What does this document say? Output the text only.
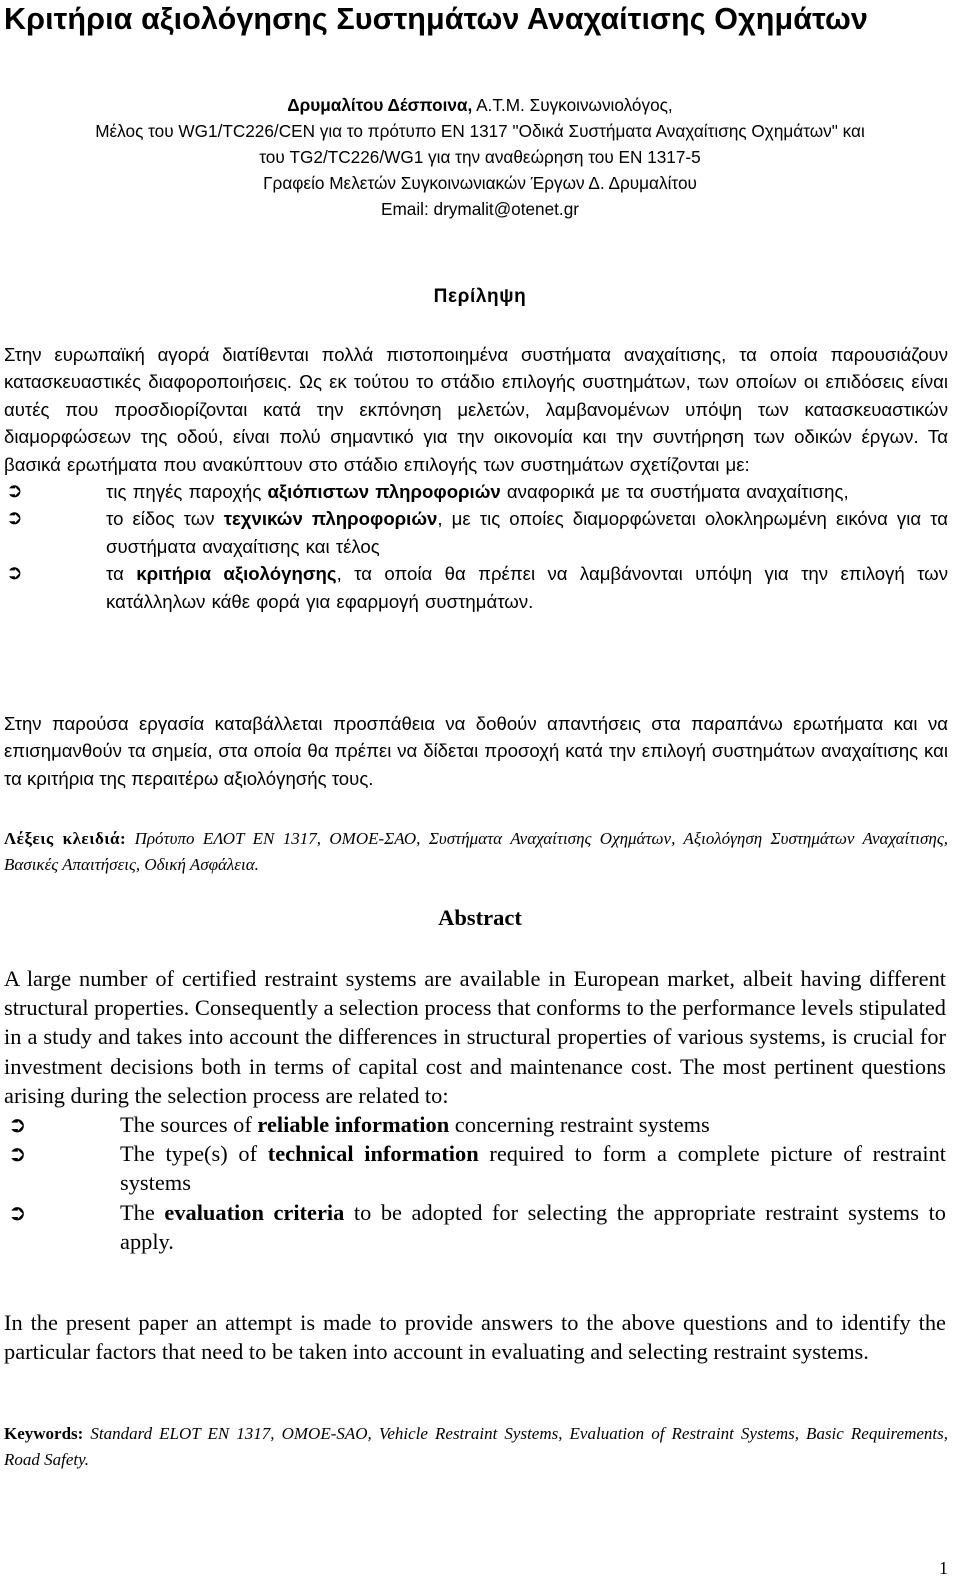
Κριτήρια αξιολόγησης Συστημάτων Αναχαίτισης Οχημάτων

Δρυμαλίτου Δέσποινα, Α.Τ.Μ. Συγκοινωνιολόγος,

Μέλος του WG1/TC226/CEN για το πρότυπο EN 1317 "Οδικά Συστήματα Αναχαίτισης Οχημάτων" και

του TG2/TC226/WG1 για την αναθεώρηση του EN 1317-5

Γραφείο Μελετών Συγκοινωνιακών Έργων Δ. Δρυμαλίτου

Email: drymalit@otenet.gr

Περίληψη
Στην ευρωπαϊκή αγορά διατίθενται πολλά πιστοποιημένα συστήματα αναχαίτισης, τα οποία παρουσιάζουν κατασκευαστικές διαφοροποιήσεις. Ως εκ τούτου το στάδιο επιλογής συστημάτων, των οποίων οι επιδόσεις είναι αυτές που προσδιορίζονται κατά την εκπόνηση μελετών, λαμβανομένων υπόψη των κατασκευαστικών διαμορφώσεων της οδού, είναι πολύ σημαντικό για την οικονομία και την συντήρηση των οδικών έργων. Τα βασικά ερωτήματα που ανακύπτουν στο στάδιο επιλογής των συστημάτων σχετίζονται με:
➲	τις πηγές παροχής αξιόπιστων πληροφοριών αναφορικά με τα συστήματα αναχαίτισης,
➲	το είδος των τεχνικών πληροφοριών, με τις οποίες διαμορφώνεται ολοκληρωμένη εικόνα για τα συστήματα αναχαίτισης και τέλος
➲	τα κριτήρια αξιολόγησης, τα οποία θα πρέπει να λαμβάνονται υπόψη για την επιλογή των κατάλληλων κάθε φορά για εφαρμογή συστημάτων.

Στην παρούσα εργασία καταβάλλεται προσπάθεια να δοθούν απαντήσεις στα παραπάνω ερωτήματα και να επισημανθούν τα σημεία, στα οποία θα πρέπει να δίδεται προσοχή κατά την επιλογή συστημάτων αναχαίτισης και τα κριτήρια της περαιτέρω αξιολόγησής τους.

Λέξεις κλειδιά: Πρότυπο ΕΛΟΤ ΕΝ 1317, ΟΜΟΕ-ΣΑΟ, Συστήματα Αναχαίτισης Οχημάτων, Αξιολόγηση Συστημάτων Αναχαίτισης, Βασικές Απαιτήσεις, Οδική Ασφάλεια.

Abstract
A large number of certified restraint systems are available in European market, albeit having different structural properties. Consequently a selection process that conforms to the performance levels stipulated in a study and takes into account the differences in structural properties of various systems, is crucial for investment decisions both in terms of capital cost and maintenance cost. The most pertinent questions arising during the selection process are related to:
➲	The sources of reliable information concerning restraint systems
➲	The type(s) of technical information required to form a complete picture of restraint systems
➲	The evaluation criteria to be adopted for selecting the appropriate restraint systems to apply.

In the present paper an attempt is made to provide answers to the above questions and to identify the particular factors that need to be taken into account in evaluating and selecting restraint systems.

Keywords: Standard ELOT EN 1317, OMOE-SAO, Vehicle Restraint Systems, Evaluation of Restraint Systems, Basic Requirements, Road Safety.

1
